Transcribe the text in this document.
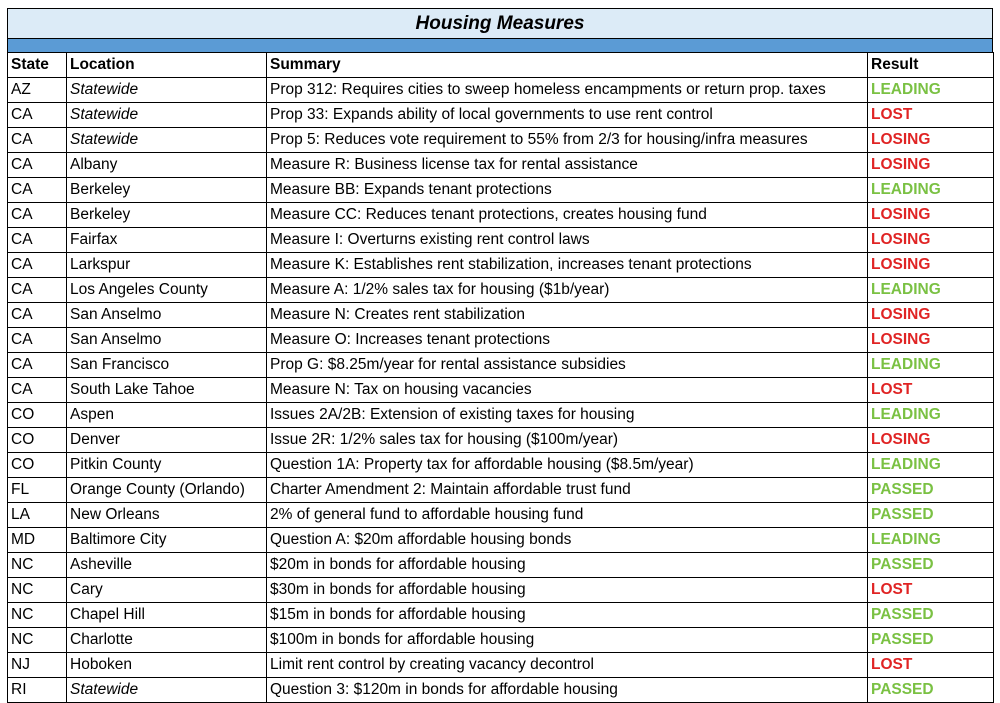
Housing Measures
State	Location	Summary	Result
AZ	Statewide	Prop 312: Requires cities to sweep homeless encampments or return prop. taxes	LEADING
CA	Statewide	Prop 33: Expands ability of local governments to use rent control	LOST
CA	Statewide	Prop 5: Reduces vote requirement to 55% from 2/3 for housing/infra measures	LOSING
CA	Albany	Measure R: Business license tax for rental assistance	LOSING
CA	Berkeley	Measure BB: Expands tenant protections	LEADING
CA	Berkeley	Measure CC: Reduces tenant protections, creates housing fund	LOSING
CA	Fairfax	Measure I: Overturns existing rent control laws	LOSING
CA	Larkspur	Measure K: Establishes rent stabilization, increases tenant protections	LOSING
CA	Los Angeles County	Measure A: 1/2% sales tax for housing ($1b/year)	LEADING
CA	San Anselmo	Measure N: Creates rent stabilization	LOSING
CA	San Anselmo	Measure O: Increases tenant protections	LOSING
CA	San Francisco	Prop G: $8.25m/year for rental assistance subsidies	LEADING
CA	South Lake Tahoe	Measure N: Tax on housing vacancies	LOST
CO	Aspen	Issues 2A/2B: Extension of existing taxes for housing	LEADING
CO	Denver	Issue 2R: 1/2% sales tax for housing ($100m/year)	LOSING
CO	Pitkin County	Question 1A: Property tax for affordable housing ($8.5m/year)	LEADING
FL	Orange County (Orlando)	Charter Amendment 2: Maintain affordable trust fund	PASSED
LA	New Orleans	2% of general fund to affordable housing fund	PASSED
MD	Baltimore City	Question A: $20m affordable housing bonds	LEADING
NC	Asheville	$20m in bonds for affordable housing	PASSED
NC	Cary	$30m in bonds for affordable housing	LOST
NC	Chapel Hill	$15m in bonds for affordable housing	PASSED
NC	Charlotte	$100m in bonds for affordable housing	PASSED
NJ	Hoboken	Limit rent control by creating vacancy decontrol	LOST
RI	Statewide	Question 3: $120m in bonds for affordable housing	PASSED
